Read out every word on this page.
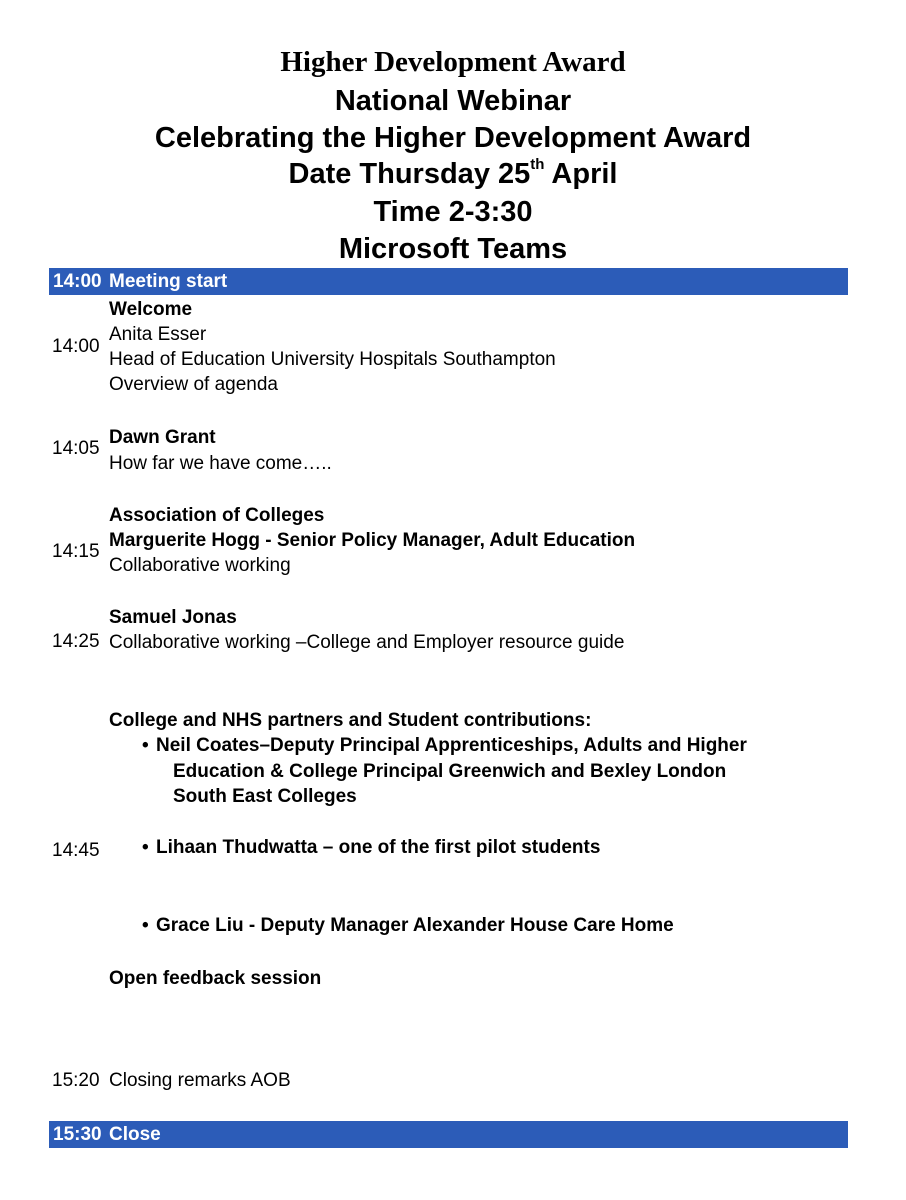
Higher Development Award
National Webinar
Celebrating the Higher Development Award
Date Thursday 25th April
Time 2-3:30
Microsoft Teams
14:00 Meeting start
14:00
Welcome
Anita Esser
Head of Education University Hospitals Southampton
Overview of agenda
14:05
Dawn Grant
How far we have come…..
14:15
Association of Colleges
Marguerite Hogg - Senior Policy Manager, Adult Education
Collaborative working
14:25
Samuel Jonas
Collaborative working –College and Employer resource guide
14:45
College and NHS partners and Student contributions:
• Neil Coates–Deputy Principal Apprenticeships, Adults and Higher
Education & College Principal Greenwich and Bexley London
South East Colleges
• Lihaan Thudwatta – one of the first pilot students
• Grace Liu - Deputy Manager Alexander House Care Home
Open feedback session
15:20 Closing remarks AOB
15:30 Close
